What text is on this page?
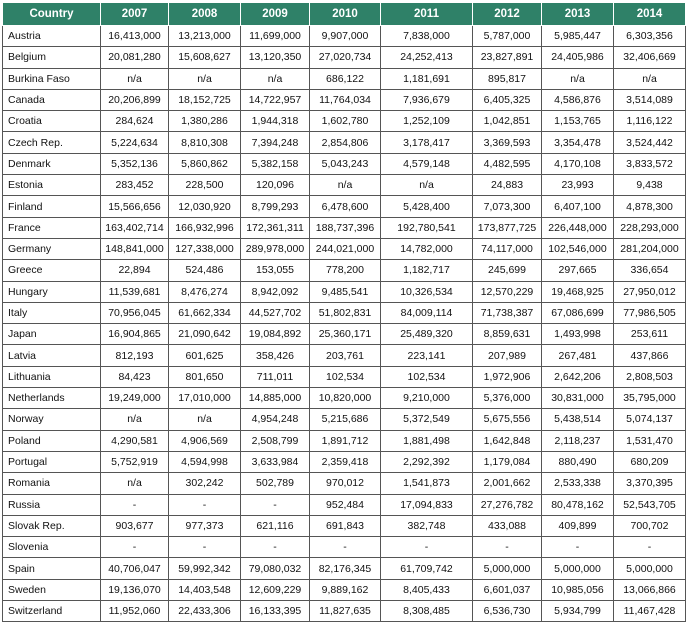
Country	2007	2008	2009	2010	2011	2012	2013	2014
Austria	16,413,000	13,213,000	11,699,000	9,907,000	7,838,000	5,787,000	5,985,447	6,303,356
Belgium	20,081,280	15,608,627	13,120,350	27,020,734	24,252,413	23,827,891	24,405,986	32,406,669
Burkina Faso	n/a	n/a	n/a	686,122	1,181,691	895,817	n/a	n/a
Canada	20,206,899	18,152,725	14,722,957	11,764,034	7,936,679	6,405,325	4,586,876	3,514,089
Croatia	284,624	1,380,286	1,944,318	1,602,780	1,252,109	1,042,851	1,153,765	1,116,122
Czech Rep.	5,224,634	8,810,308	7,394,248	2,854,806	3,178,417	3,369,593	3,354,478	3,524,442
Denmark	5,352,136	5,860,862	5,382,158	5,043,243	4,579,148	4,482,595	4,170,108	3,833,572
Estonia	283,452	228,500	120,096	n/a	n/a	24,883	23,993	9,438
Finland	15,566,656	12,030,920	8,799,293	6,478,600	5,428,400	7,073,300	6,407,100	4,878,300
France	163,402,714	166,932,996	172,361,311	188,737,396	192,780,541	173,877,725	226,448,000	228,293,000
Germany	148,841,000	127,338,000	289,978,000	244,021,000	14,782,000	74,117,000	102,546,000	281,204,000
Greece	22,894	524,486	153,055	778,200	1,182,717	245,699	297,665	336,654
Hungary	11,539,681	8,476,274	8,942,092	9,485,541	10,326,534	12,570,229	19,468,925	27,950,012
Italy	70,956,045	61,662,334	44,527,702	51,802,831	84,009,114	71,738,387	67,086,699	77,986,505
Japan	16,904,865	21,090,642	19,084,892	25,360,171	25,489,320	8,859,631	1,493,998	253,611
Latvia	812,193	601,625	358,426	203,761	223,141	207,989	267,481	437,866
Lithuania	84,423	801,650	711,011	102,534	102,534	1,972,906	2,642,206	2,808,503
Netherlands	19,249,000	17,010,000	14,885,000	10,820,000	9,210,000	5,376,000	30,831,000	35,795,000
Norway	n/a	n/a	4,954,248	5,215,686	5,372,549	5,675,556	5,438,514	5,074,137
Poland	4,290,581	4,906,569	2,508,799	1,891,712	1,881,498	1,642,848	2,118,237	1,531,470
Portugal	5,752,919	4,594,998	3,633,984	2,359,418	2,292,392	1,179,084	880,490	680,209
Romania	n/a	302,242	502,789	970,012	1,541,873	2,001,662	2,533,338	3,370,395
Russia	-	-	-	952,484	17,094,833	27,276,782	80,478,162	52,543,705
Slovak Rep.	903,677	977,373	621,116	691,843	382,748	433,088	409,899	700,702
Slovenia	-	-	-	-	-	-	-	-
Spain	40,706,047	59,992,342	79,080,032	82,176,345	61,709,742	5,000,000	5,000,000	5,000,000
Sweden	19,136,070	14,403,548	12,609,229	9,889,162	8,405,433	6,601,037	10,985,056	13,066,866
Switzerland	11,952,060	22,433,306	16,133,395	11,827,635	8,308,485	6,536,730	5,934,799	11,467,428
